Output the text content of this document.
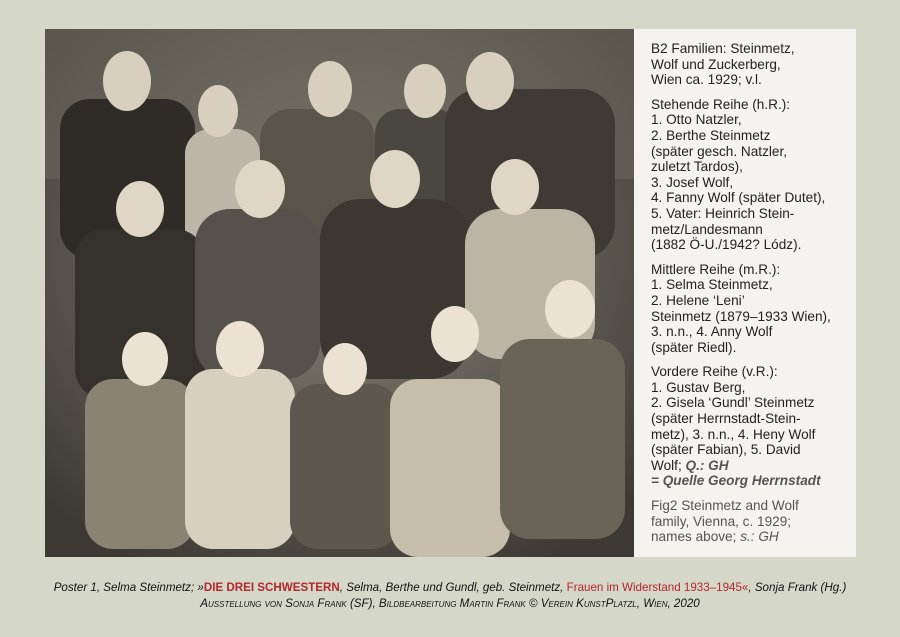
B2 Familien: Steinmetz,
Wolf und Zuckerberg,
Wien ca. 1929; v.l.

Stehende Reihe (h.R.):
1. Otto Natzler,
2. Berthe Steinmetz
(später gesch. Natzler,
zuletzt Tardos),
3. Josef Wolf,
4. Fanny Wolf (später Dutet),
5. Vater: Heinrich Stein-
metz/Landesmann
(1882 Ö-U./1942? Lódz).

Mittlere Reihe (m.R.):
1. Selma Steinmetz,
2. Helene ‘Leni’
Steinmetz (1879–1933 Wien),
3. n.n., 4. Anny Wolf
(später Riedl).

Vordere Reihe (v.R.):
1. Gustav Berg,
2. Gisela ‘Gundl’ Steinmetz
(später Herrnstadt-Stein-
metz), 3. n.n., 4. Heny Wolf
(später Fabian), 5. David
Wolf; Q.: GH

= Quelle Georg Herrnstadt

Fig2 Steinmetz and Wolf
family, Vienna, c. 1929;
names above; s.: GH

Poster 1, Selma Steinmetz; »DIE DREI SCHWESTERN, Selma, Berthe und Gundl, geb. Steinmetz, Frauen im Widerstand 1933–1945«, Sonja Frank (Hg.)
Ausstellung von Sonja Frank (SF), Bildbearbeitung Martin Frank © Verein KunstPlatzl, Wien, 2020
